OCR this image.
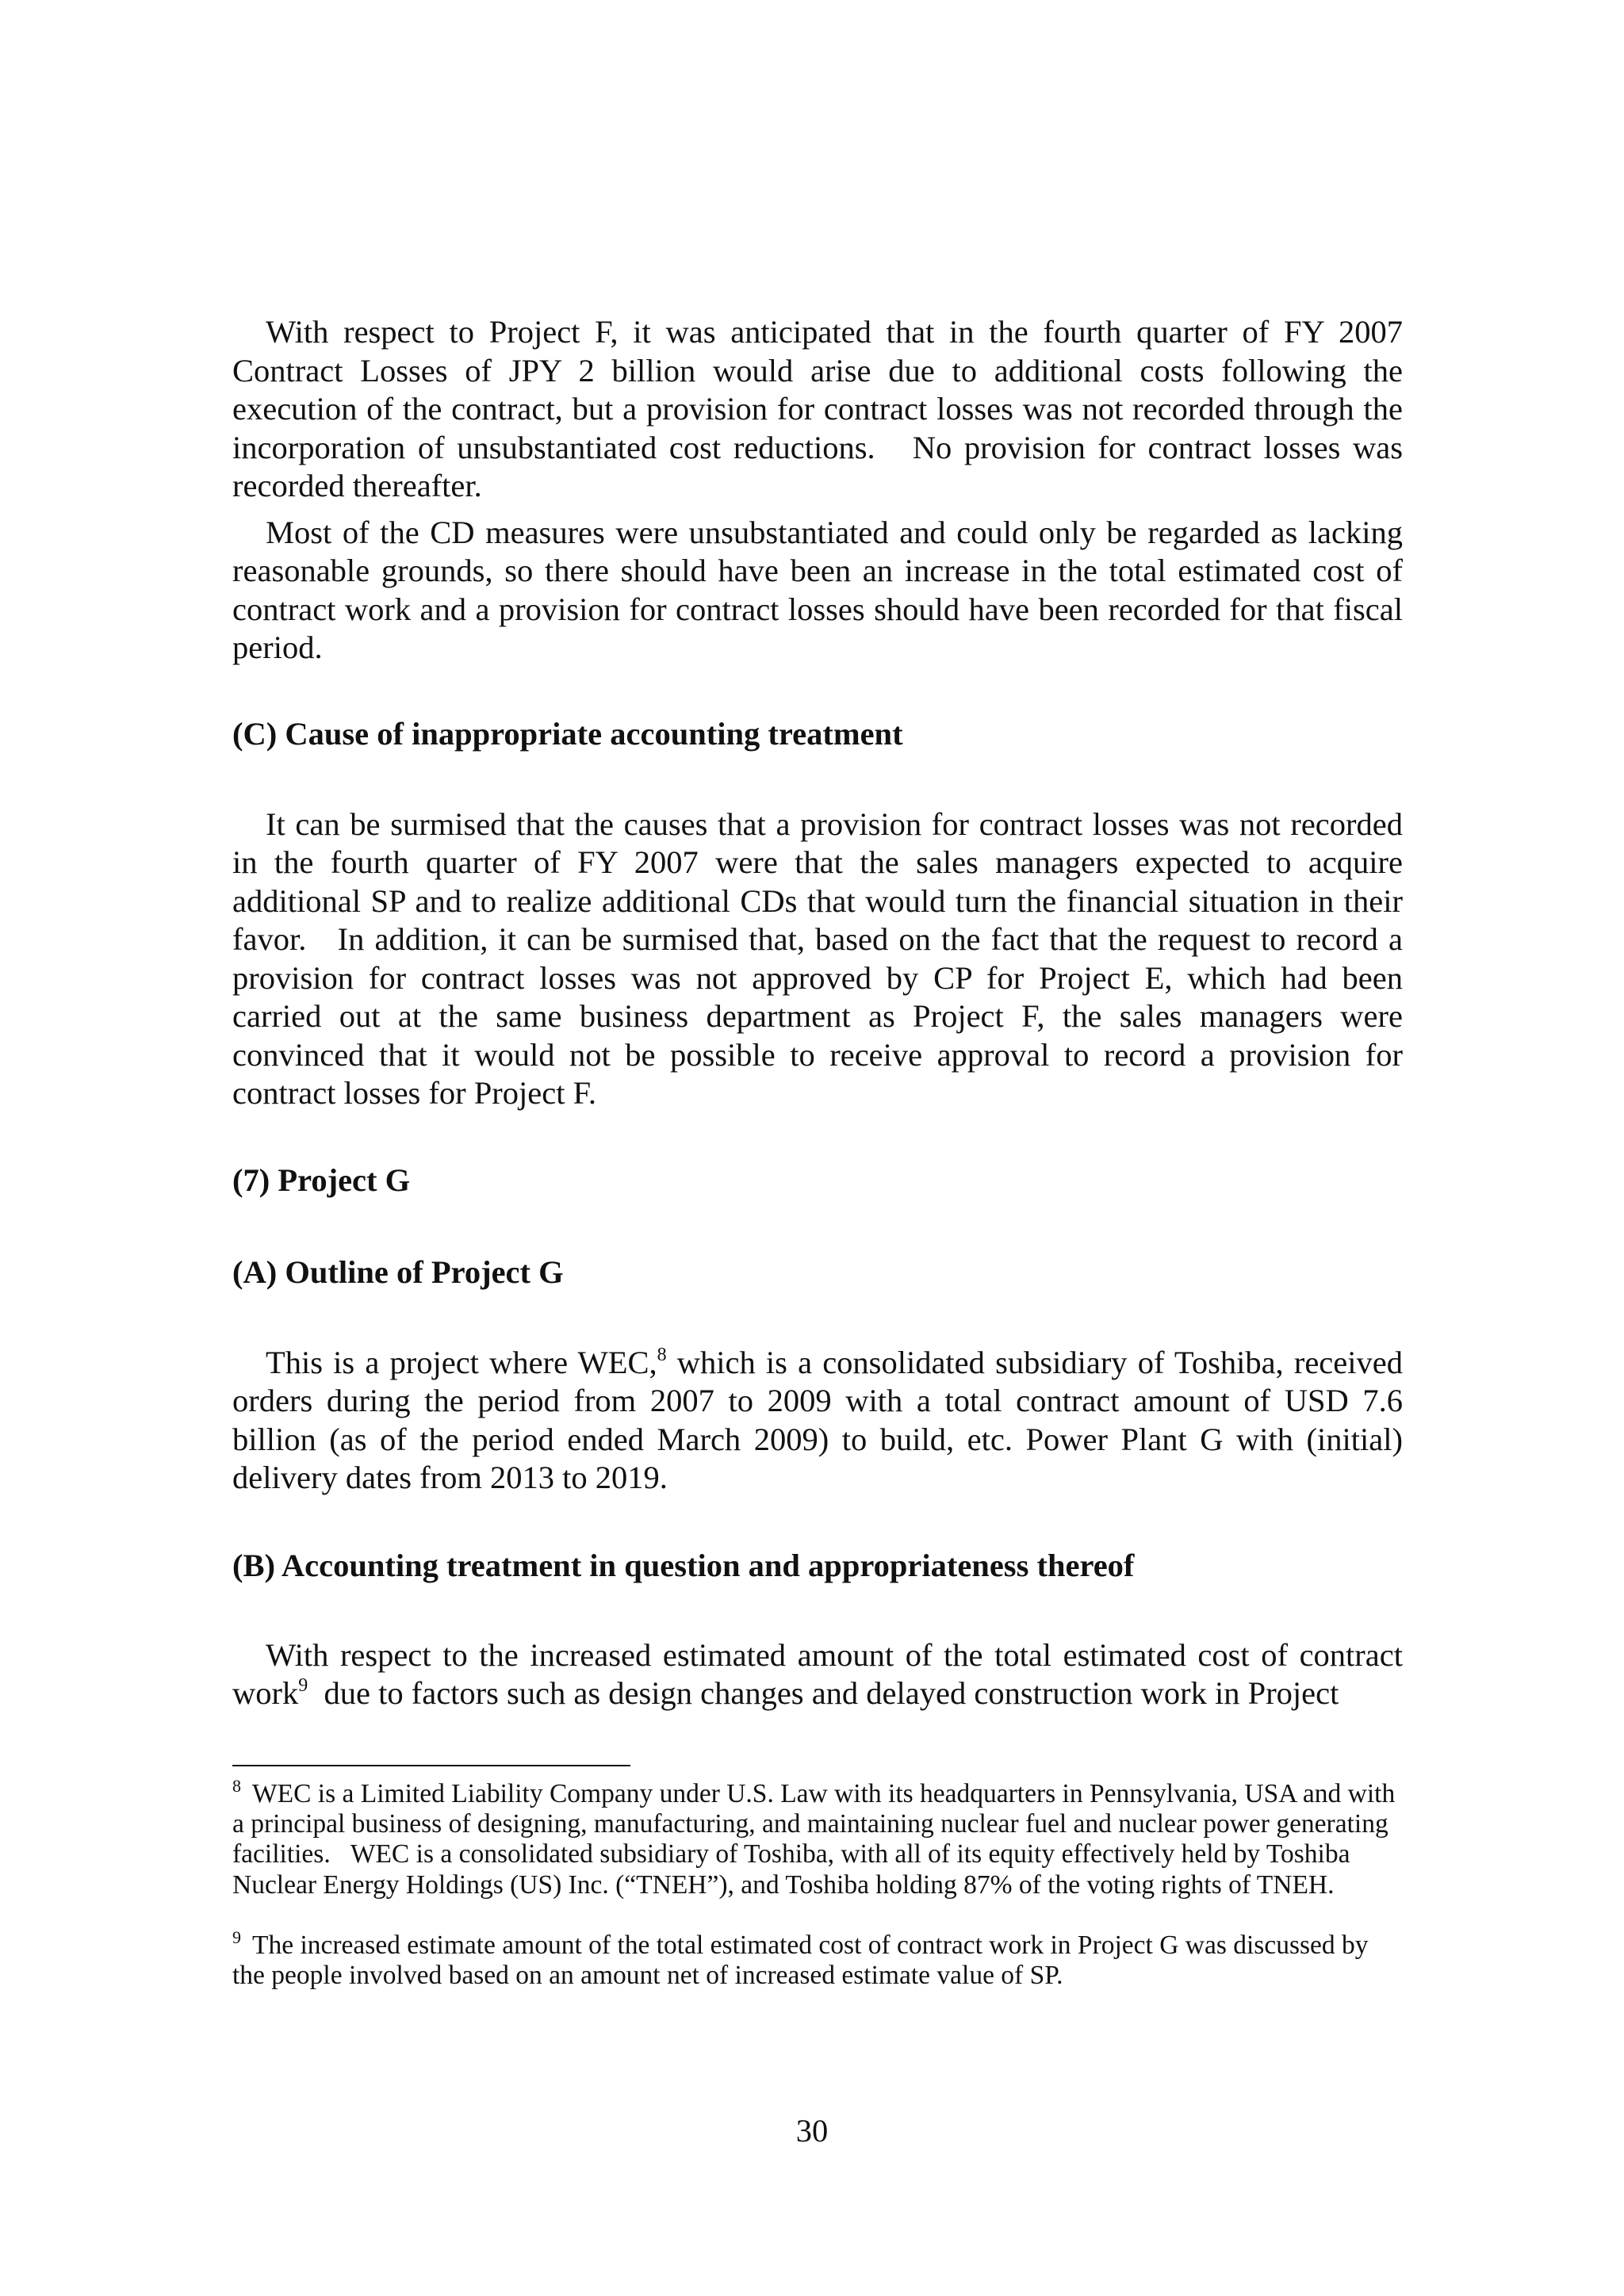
With respect to Project F, it was anticipated that in the fourth quarter of FY 2007 Contract Losses of JPY 2 billion would arise due to additional costs following the execution of the contract, but a provision for contract losses was not recorded through the incorporation of unsubstantiated cost reductions.   No provision for contract losses was recorded thereafter.

Most of the CD measures were unsubstantiated and could only be regarded as lacking reasonable grounds, so there should have been an increase in the total estimated cost of contract work and a provision for contract losses should have been recorded for that fiscal period.

(C) Cause of inappropriate accounting treatment

It can be surmised that the causes that a provision for contract losses was not recorded in the fourth quarter of FY 2007 were that the sales managers expected to acquire additional SP and to realize additional CDs that would turn the financial situation in their favor.   In addition, it can be surmised that, based on the fact that the request to record a provision for contract losses was not approved by CP for Project E, which had been carried out at the same business department as Project F, the sales managers were convinced that it would not be possible to receive approval to record a provision for contract losses for Project F.

(7) Project G

(A) Outline of Project G

This is a project where WEC,$^8$ which is a consolidated subsidiary of Toshiba, received orders during the period from 2007 to 2009 with a total contract amount of USD 7.6 billion (as of the period ended March 2009) to build, etc. Power Plant G with (initial) delivery dates from 2013 to 2019.

(B) Accounting treatment in question and appropriateness thereof

With respect to the increased estimated amount of the total estimated cost of contract work$^9$  due to factors such as design changes and delayed construction work in Project

$^8$ WEC is a Limited Liability Company under U.S. Law with its headquarters in Pennsylvania, USA and with a principal business of designing, manufacturing, and maintaining nuclear fuel and nuclear power generating facilities.   WEC is a consolidated subsidiary of Toshiba, with all of its equity effectively held by Toshiba Nuclear Energy Holdings (US) Inc. (“TNEH”), and Toshiba holding 87% of the voting rights of TNEH.

$^9$ The increased estimate amount of the total estimated cost of contract work in Project G was discussed by the people involved based on an amount net of increased estimate value of SP.

30
